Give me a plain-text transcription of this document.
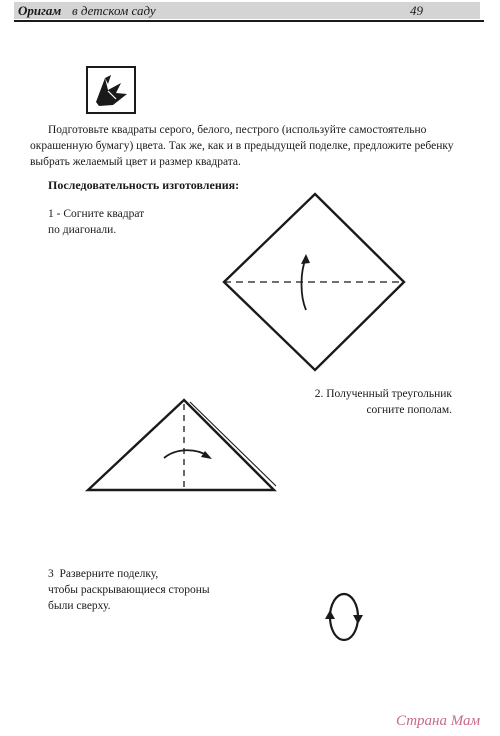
Оригам в детском саду	49

Подготовьте квадраты серого, белого, пестрого (используйте самостоятельно окрашенную бумагу) цвета. Так же, как и в предыдущей поделке, предложите ребенку выбрать желаемый цвет и размер квадрата.

Последовательность изготовления:

1 - Согните квадрат
по диагонали.

2. Полученный треугольник
согните пополам.

3 Разверните поделку,
чтобы раскрывающиеся стороны
были сверху.

Страна Мам
